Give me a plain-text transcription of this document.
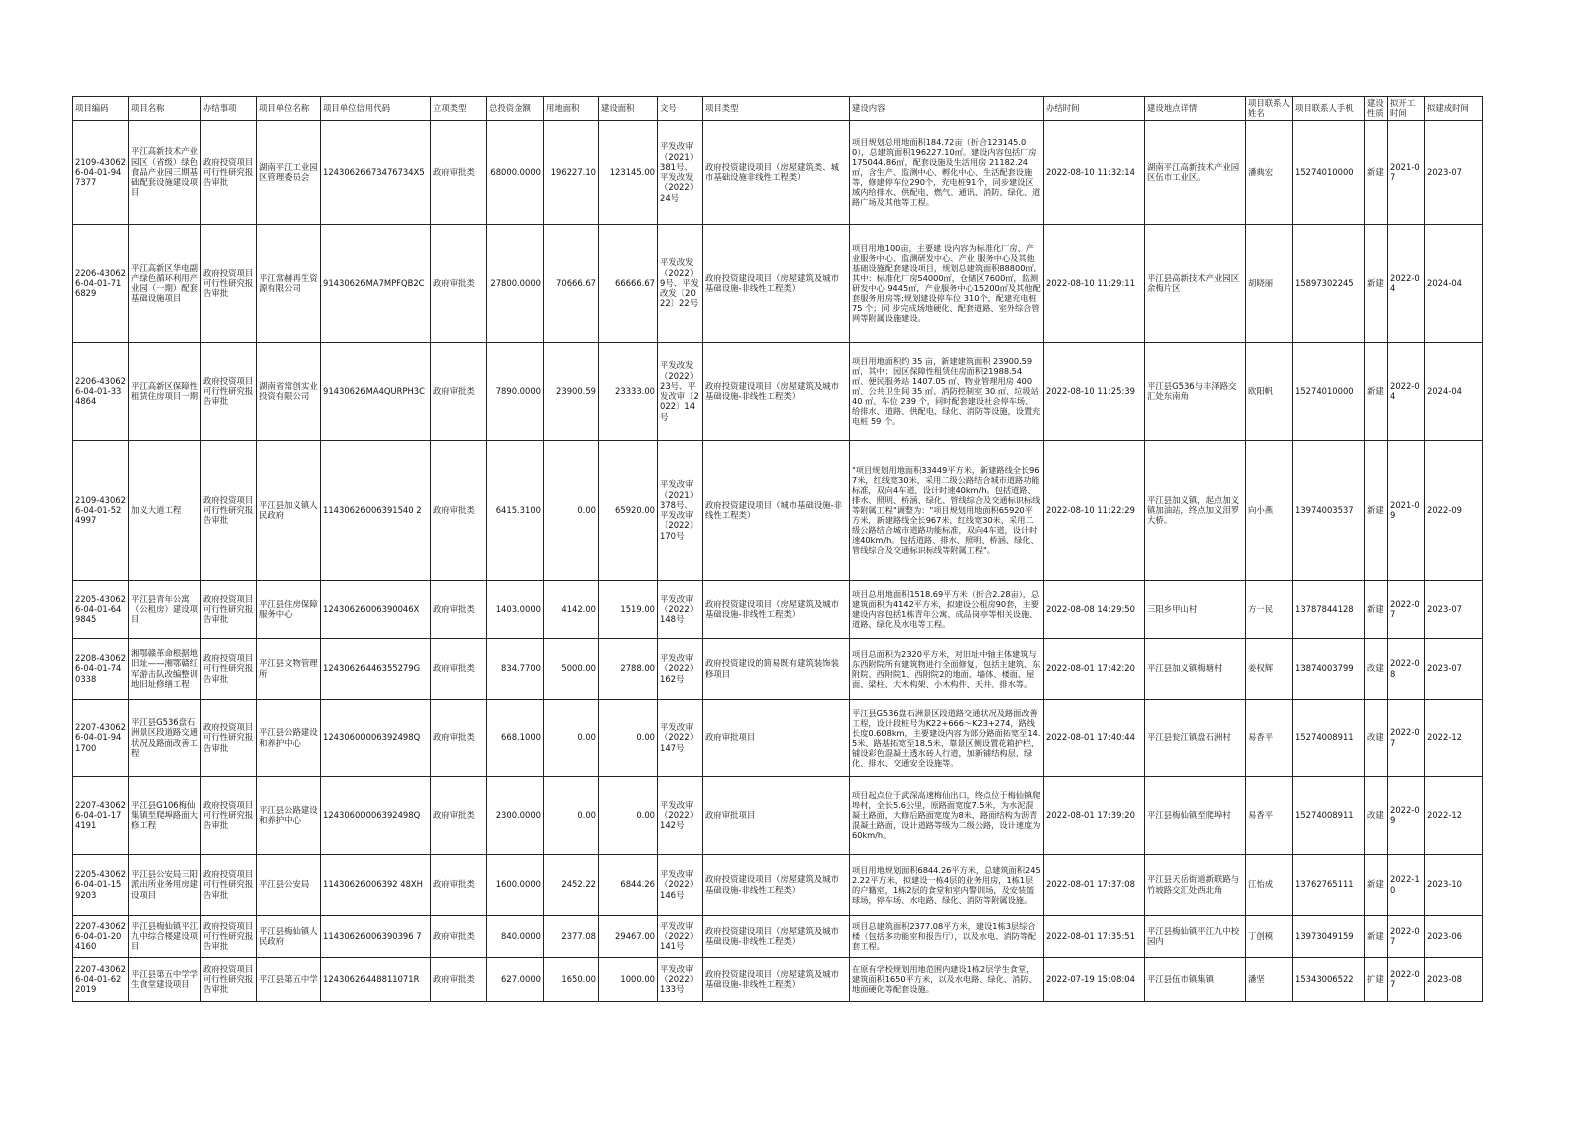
项目编码	项目名称	办结事项	项目单位名称	项目单位信用代码	立项类型	总投资金额	用地面积	建设面积	文号	项目类型	建设内容	办结时间	建设地点详情	项目联系人姓名	项目联系人手机	建设性质	拟开工时间	拟建成时间
2109-430626-04-01-947377	平江高新技术产业园区（省级）绿色食品产业园三期基础配套设施建设项目	政府投资项目可行性研究报告审批	湖南平江工业园区管理委员会	12430626673476734X5	政府审批类	68000.0000	196227.10	123145.00	平发改审（2021）381号、平发改发（2022）24号	政府投资建设项目（房屋建筑类、城市基础设施非线性工程类）	项目规划总用地面积184.72亩（折合123145.00），总建筑面积196227.10㎡。建设内容包括厂房175044.86㎡，配套设施及生活用房 21182.24㎡，含生产、监测中心、孵化中心、生活配套设施等，修建停车位290个，充电桩91个，同步建设区域内给排水、供配电、燃气、通讯、消防、绿化、道路广场及其他等工程。	2022-08-10 11:32:14	湖南平江高新技术产业园区伍市工业区。	潘典宏	15274010000	新建	2021-07	2023-07
2206-430626-04-01-716829	平江高新区华电副产绿色循环利用产业园（一期）配套基础设施项目	政府投资项目可行性研究报告审批	平江常赫再生资源有限公司	91430626MA7MPFQB2C	政府审批类	27800.0000	70666.67	66666.67	平发改发（2022）9号、平发改发〔2022〕22号	政府投资建设项目（房屋建筑及城市基础设施-非线性工程类）	项目用地100亩，主要建 设内容为标准化厂房、产业服务中心、监测研发中心、产业 服务中心及其他基础设施配套建设项目，规划总建筑面积88800㎡,其中：标准化厂房54000㎡，仓储区7600㎡，监测研发中心 9445㎡，产业服务中心15200㎡及其他配套服务用房等;规划建设停车位 310个，配建充电桩75 个；同 步完成场地硬化、配套道路、室外综合管网等附属设施建设。	2022-08-10 11:29:11	平江县高新技术产业园区余梅片区	胡晓丽	15897302245	新建	2022-04	2024-04
2206-430626-04-01-334864	平江高新区保障性租赁住房项目一期	政府投资项目可行性研究报告审批	湖南省常创实业投资有限公司	91430626MA4QURPH3C	政府审批类	7890.0000	23900.59	23333.00	平发改发（2022）23号、平发改审〔2022〕14号	政府投资建设项目（房屋建筑及城市基础设施-非线性工程类）	项目用地面积约 35 亩，新建建筑面积 23900.59 ㎡，其中：园区保障性租赁住房面积21988.54 ㎡、便民服务站 1407.05 ㎡、物业管理用房 400 ㎡、公共卫生间 35 ㎡、消防控制室 30 ㎡、垃圾站 40 ㎡、车位 239 个，同时配套建设社会停车场、给排水、道路、供配电、绿化、消防等设施，设置充电桩 59 个。	2022-08-10 11:25:39	平江县G536与丰泽路交汇处东南角	欧阳帆	15274010000	新建	2022-04	2024-04
2109-430626-04-01-524997	加义大道工程	政府投资项目可行性研究报告审批	平江县加义镇人民政府	11430626006391540 2	政府审批类	6415.3100	0.00	65920.00	平发改审（2021）378号、平发改审〔2022〕170号	政府投资建设项目（城市基础设施-非线性工程类）	"项目规划用地面积33449平方米，新建路线全长967米，红线宽30米，采用二级公路结合城市道路功能标准，双向4车道，设计时速40km/h。包括道路、排水、照明、桥涵、绿化、管线综合及交通标识标线等附属工程"调整为："项目规划用地面积65920平方米，新建路线全长967米，红线宽30米，采用二级公路结合城市道路功能标准，双向4车道，设计时速40km/h。包括道路、排水、照明、桥涵、绿化、管线综合及交通标识标线等附属工程"。	2022-08-10 11:22:29	平江县加义镇，起点加义镇加油站，终点加义泪罗大桥。	向小燕	13974003537	新建	2021-09	2022-09
2205-430626-04-01-649845	平江县青年公寓（公租房）建设项目	政府投资项目可行性研究报告审批	平江县住房保障服务中心	12430626006390046X	政府审批类	1403.0000	4142.00	1519.00	平发改审（2022）148号	政府投资建设项目（房屋建筑及城市基础设施-非线性工程类）	项目总用地面积1518.69平方米（折合2.28亩），总建筑面积为4142平方米，拟建设公租房90套，主要建设内容包括1栋青年公寓、成品岗亭等相关设施、道路、绿化及水电等工程。	2022-08-08 14:29:50	三阳乡甲山村	方一民	13787844128	新建	2022-07	2023-07
2208-430626-04-01-740338	湘鄂赣革命根据地旧址——湘鄂赣红军游击队改编整训地旧址修缮工程	政府投资项目可行性研究报告审批	平江县文物管理所	12430626446355279G	政府审批类	834.7700	5000.00	2788.00	平发改审（2022）162号	政府投资建设的简易既有建筑装饰装修项目	项目总面积为2320平方米，对旧址中轴主体建筑与东西附院所有建筑物进行全面修复，包括主建筑、东附院、西附院1、西附院2的地面、墙体、楼面、屋面、梁柱、大木构架、小木构件、天井、排水等。	2022-08-01 17:42:20	平江县加义镇梅塘村	姜权辉	13874003799	改建	2022-08	2023-07
2207-430626-04-01-941700	平江县G536盘石洲景区段道路交通状况及路面改善工程	政府投资项目可行性研究报告审批	平江县公路建设和养护中心	12430600006392498Q	政府审批类	668.1000	0.00	0.00	平发改审（2022）147号	政府审批项目	平江县G536盘石洲景区段道路交通状况及路面改善工程，设计段桩号为K22+666～K23+274，路线长度0.608km，主要建设内容为部分路面拓宽至14.5米、路基拓宽至18.5米，靠景区侧设置花箱护栏，铺设彩色混凝土透水砖人行道，加新铺结构层、绿化、排水、交通安全设施等。	2022-08-01 17:40:44	平江县瓮江镇盘石洲村	易香平	15274008911	改建	2022-07	2022-12
2207-430626-04-01-174191	平江县G106梅仙集镇至爬埠路面大修工程	政府投资项目可行性研究报告审批	平江县公路建设和养护中心	12430600006392498Q	政府审批类	2300.0000	0.00	0.00	平发改审（2022）142号	政府审批项目	项目起点位于武深高速梅仙出口，终点位于梅仙镇爬埠村，全长5.6公里，原路面宽度7.5米，为水泥混凝土路面，大修后路面宽度为8米，路面结构为沥青混凝土路面，设计道路等级为二级公路，设计速度为60km/h。	2022-08-01 17:39:20	平江县梅仙镇至爬埠村	易香平	15274008911	改建	2022-09	2022-12
2205-430626-04-01-159203	平江县公安局三阳派出所业务用房建设项目	政府投资项目可行性研究报告审批	平江县公安局	11430626006392 48XH	政府审批类	1600.0000	2452.22	6844.26	平发改审（2022）146号	政府投资建设项目（房屋建筑及城市基础设施-非线性工程类）	项目用地规划面积6844.26平方米，总建筑面积2452.22平方米，拟建设一栋4层的业务用房，1栋1层的户籍室，1栋2层的食堂和室内警训场，及安装篮球场，停车场、水电路、绿化、消防等附属设施。	2022-08-01 17:37:08	平江县天岳街道新联路与竹坡路交汇处西北角	江怡成	13762765111	新建	2022-10	2023-10
2207-430626-04-01-204160	平江县梅仙镇平江九中综合楼建设项目	政府投资项目可行性研究报告审批	平江县梅仙镇人民政府	11430626006390396 7	政府审批类	840.0000	2377.08	29467.00	平发改审（2022）141号	政府投资建设项目（房屋建筑及城市基础设施-非线性工程类）	项目总建筑面积2377.08平方米，建设1栋3层综合楼（包括多功能室和报告厅），以及水电、消防等配套工程。	2022-08-01 17:35:51	平江县梅仙镇平江九中校园内	丁创模	13973049159	新建	2022-07	2023-06
2207-430626-04-01-622019	平江县第五中学学生食堂建设项目	政府投资项目可行性研究报告审批	平江县第五中学	12430626448811071R	政府审批类	627.0000	1650.00	1000.00	平发改审（2022）133号	政府投资建设项目（房屋建筑及城市基础设施-非线性工程类）	在原有学校规划用地范围内建设1栋2层学生食堂，建筑面积1650平方米，以及水电路、绿化、消防、地面硬化等配套设施。	2022-07-19 15:08:04	平江县伍市镇集镇	潘坚	15343006522	扩建	2022-07	2023-08
